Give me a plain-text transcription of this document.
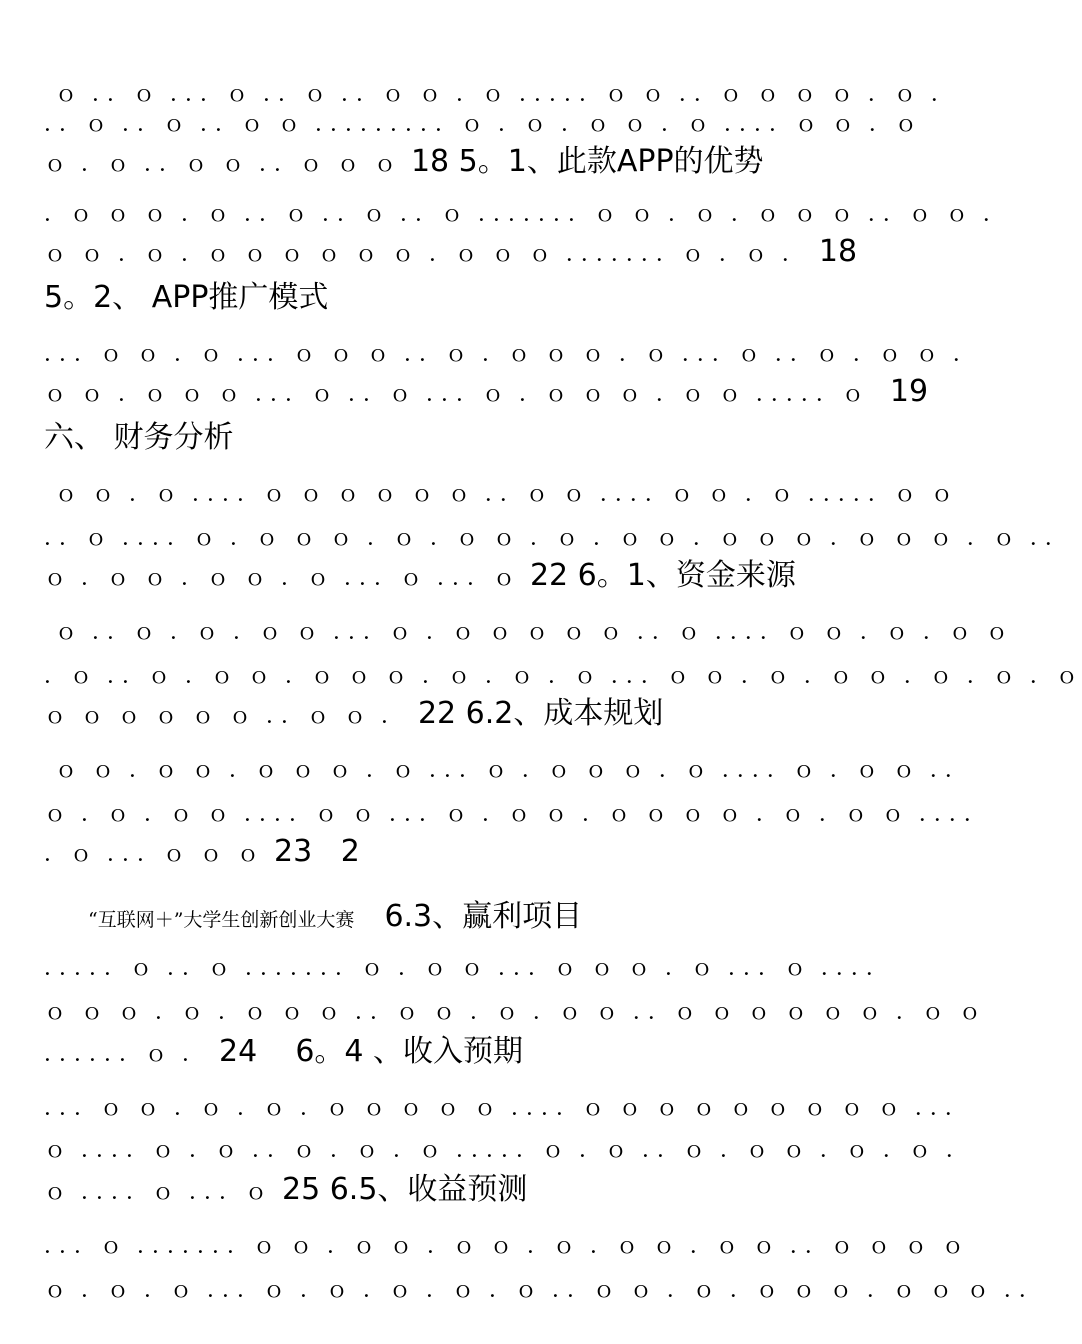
ｏ ．．ｏ ．．．ｏ ．．ｏ ．．ｏ ｏ ．ｏ ．．．．．ｏ ｏ ．．ｏ ｏ ｏ ｏ ．ｏ ．
．．ｏ ．．ｏ ．．ｏ ｏ ．．．．．．．．．ｏ ．ｏ ．ｏ ｏ ．ｏ ．．．．ｏ ｏ ．ｏ
ｏ ．ｏ ．．ｏ ｏ ．．ｏ ｏ ｏ 18 5。1、此款APP的优势
．ｏ ｏ ｏ ．ｏ ．．ｏ ．．ｏ ．．ｏ ．．．．．．．ｏ ｏ ．ｏ ．ｏ ｏ ｏ ．．ｏ ｏ ．
ｏ ｏ ．ｏ ．ｏ ｏ ｏ ｏ ｏ ｏ ．ｏ ｏ ｏ ．．．．．．．ｏ ．ｏ ． 18
5。2、 APP推广模式
．．．ｏ ｏ ．ｏ ．．．ｏ ｏ ｏ ．．ｏ ．ｏ ｏ ｏ ．ｏ ．．．ｏ ．．ｏ ．ｏ ｏ ．
ｏ ｏ ．ｏ ｏ ｏ ．．．ｏ ．．ｏ ．．．ｏ ．ｏ ｏ ｏ ．ｏ ｏ ．．．．．ｏ  19
六、 财务分析
ｏ ｏ ．ｏ ．．．．ｏ ｏ ｏ ｏ ｏ ｏ ．．ｏ ｏ ．．．．ｏ ｏ ．ｏ ．．．．．ｏ ｏ
．．ｏ ．．．．ｏ ．ｏ ｏ ｏ ．ｏ ．ｏ ｏ ．ｏ ．ｏ ｏ ．ｏ ｏ ｏ ．ｏ ｏ ｏ ．ｏ ．．
ｏ ．ｏ ｏ ．ｏ ｏ ．ｏ ．．．ｏ ．．．ｏ 22 6。1、资金来源
ｏ ．．ｏ ．ｏ ．ｏ ｏ ．．．ｏ ．ｏ ｏ ｏ ｏ ｏ ．．ｏ ．．．．ｏ ｏ ．ｏ ．ｏ ｏ
．ｏ ．．ｏ ．ｏ ｏ ．ｏ ｏ ｏ ．ｏ ．ｏ ．ｏ ．．．ｏ ｏ ．ｏ ．ｏ ｏ ．ｏ ．ｏ ．ｏ
ｏ ｏ ｏ ｏ ｏ ｏ ．．ｏ ｏ ． 22 6.2、成本规划
ｏ ｏ ．ｏ ｏ ．ｏ ｏ ｏ ．ｏ ．．．ｏ ．ｏ ｏ ｏ ．ｏ ．．．．ｏ ．ｏ ｏ ．．
ｏ ．ｏ ．ｏ ｏ ．．．．ｏ ｏ ．．．ｏ ．ｏ ｏ ．ｏ ｏ ｏ ｏ ．ｏ ．ｏ ｏ ．．．．
．ｏ ．．．ｏ ｏ ｏ 23   2
“互联网＋”大学生创新创业大赛 6.3、赢利项目
．．．．．ｏ ．．ｏ ．．．．．．．ｏ ．ｏ ｏ ．．．ｏ ｏ ｏ ．ｏ ．．．ｏ ．．．．
ｏ ｏ ｏ ．ｏ ．ｏ ｏ ｏ ．．ｏ ｏ ．ｏ ．ｏ ｏ ．．ｏ ｏ ｏ ｏ ｏ ｏ ．ｏ ｏ
．．．．．．ｏ ． 24    6。4 、收入预期
．．．ｏ ｏ ．ｏ ．ｏ ．ｏ ｏ ｏ ｏ ｏ ．．．．ｏ ｏ ｏ ｏ ｏ ｏ ｏ ｏ ｏ ．．．
ｏ ．．．．ｏ ．ｏ ．．ｏ ．ｏ ．ｏ ．．．．．ｏ ．ｏ ．．ｏ ．ｏ ｏ ．ｏ ．ｏ ．
ｏ ．．．．ｏ ．．．ｏ 25 6.5、收益预测
．．．ｏ ．．．．．．．ｏ ｏ ．ｏ ｏ ．ｏ ｏ ．ｏ ．ｏ ｏ ．ｏ ｏ ．．ｏ ｏ ｏ ｏ
ｏ ．ｏ ．ｏ ．．．ｏ ．ｏ ．ｏ ．ｏ ．ｏ ．．ｏ ｏ ．ｏ ．ｏ ｏ ｏ ．ｏ ｏ ｏ ．．
